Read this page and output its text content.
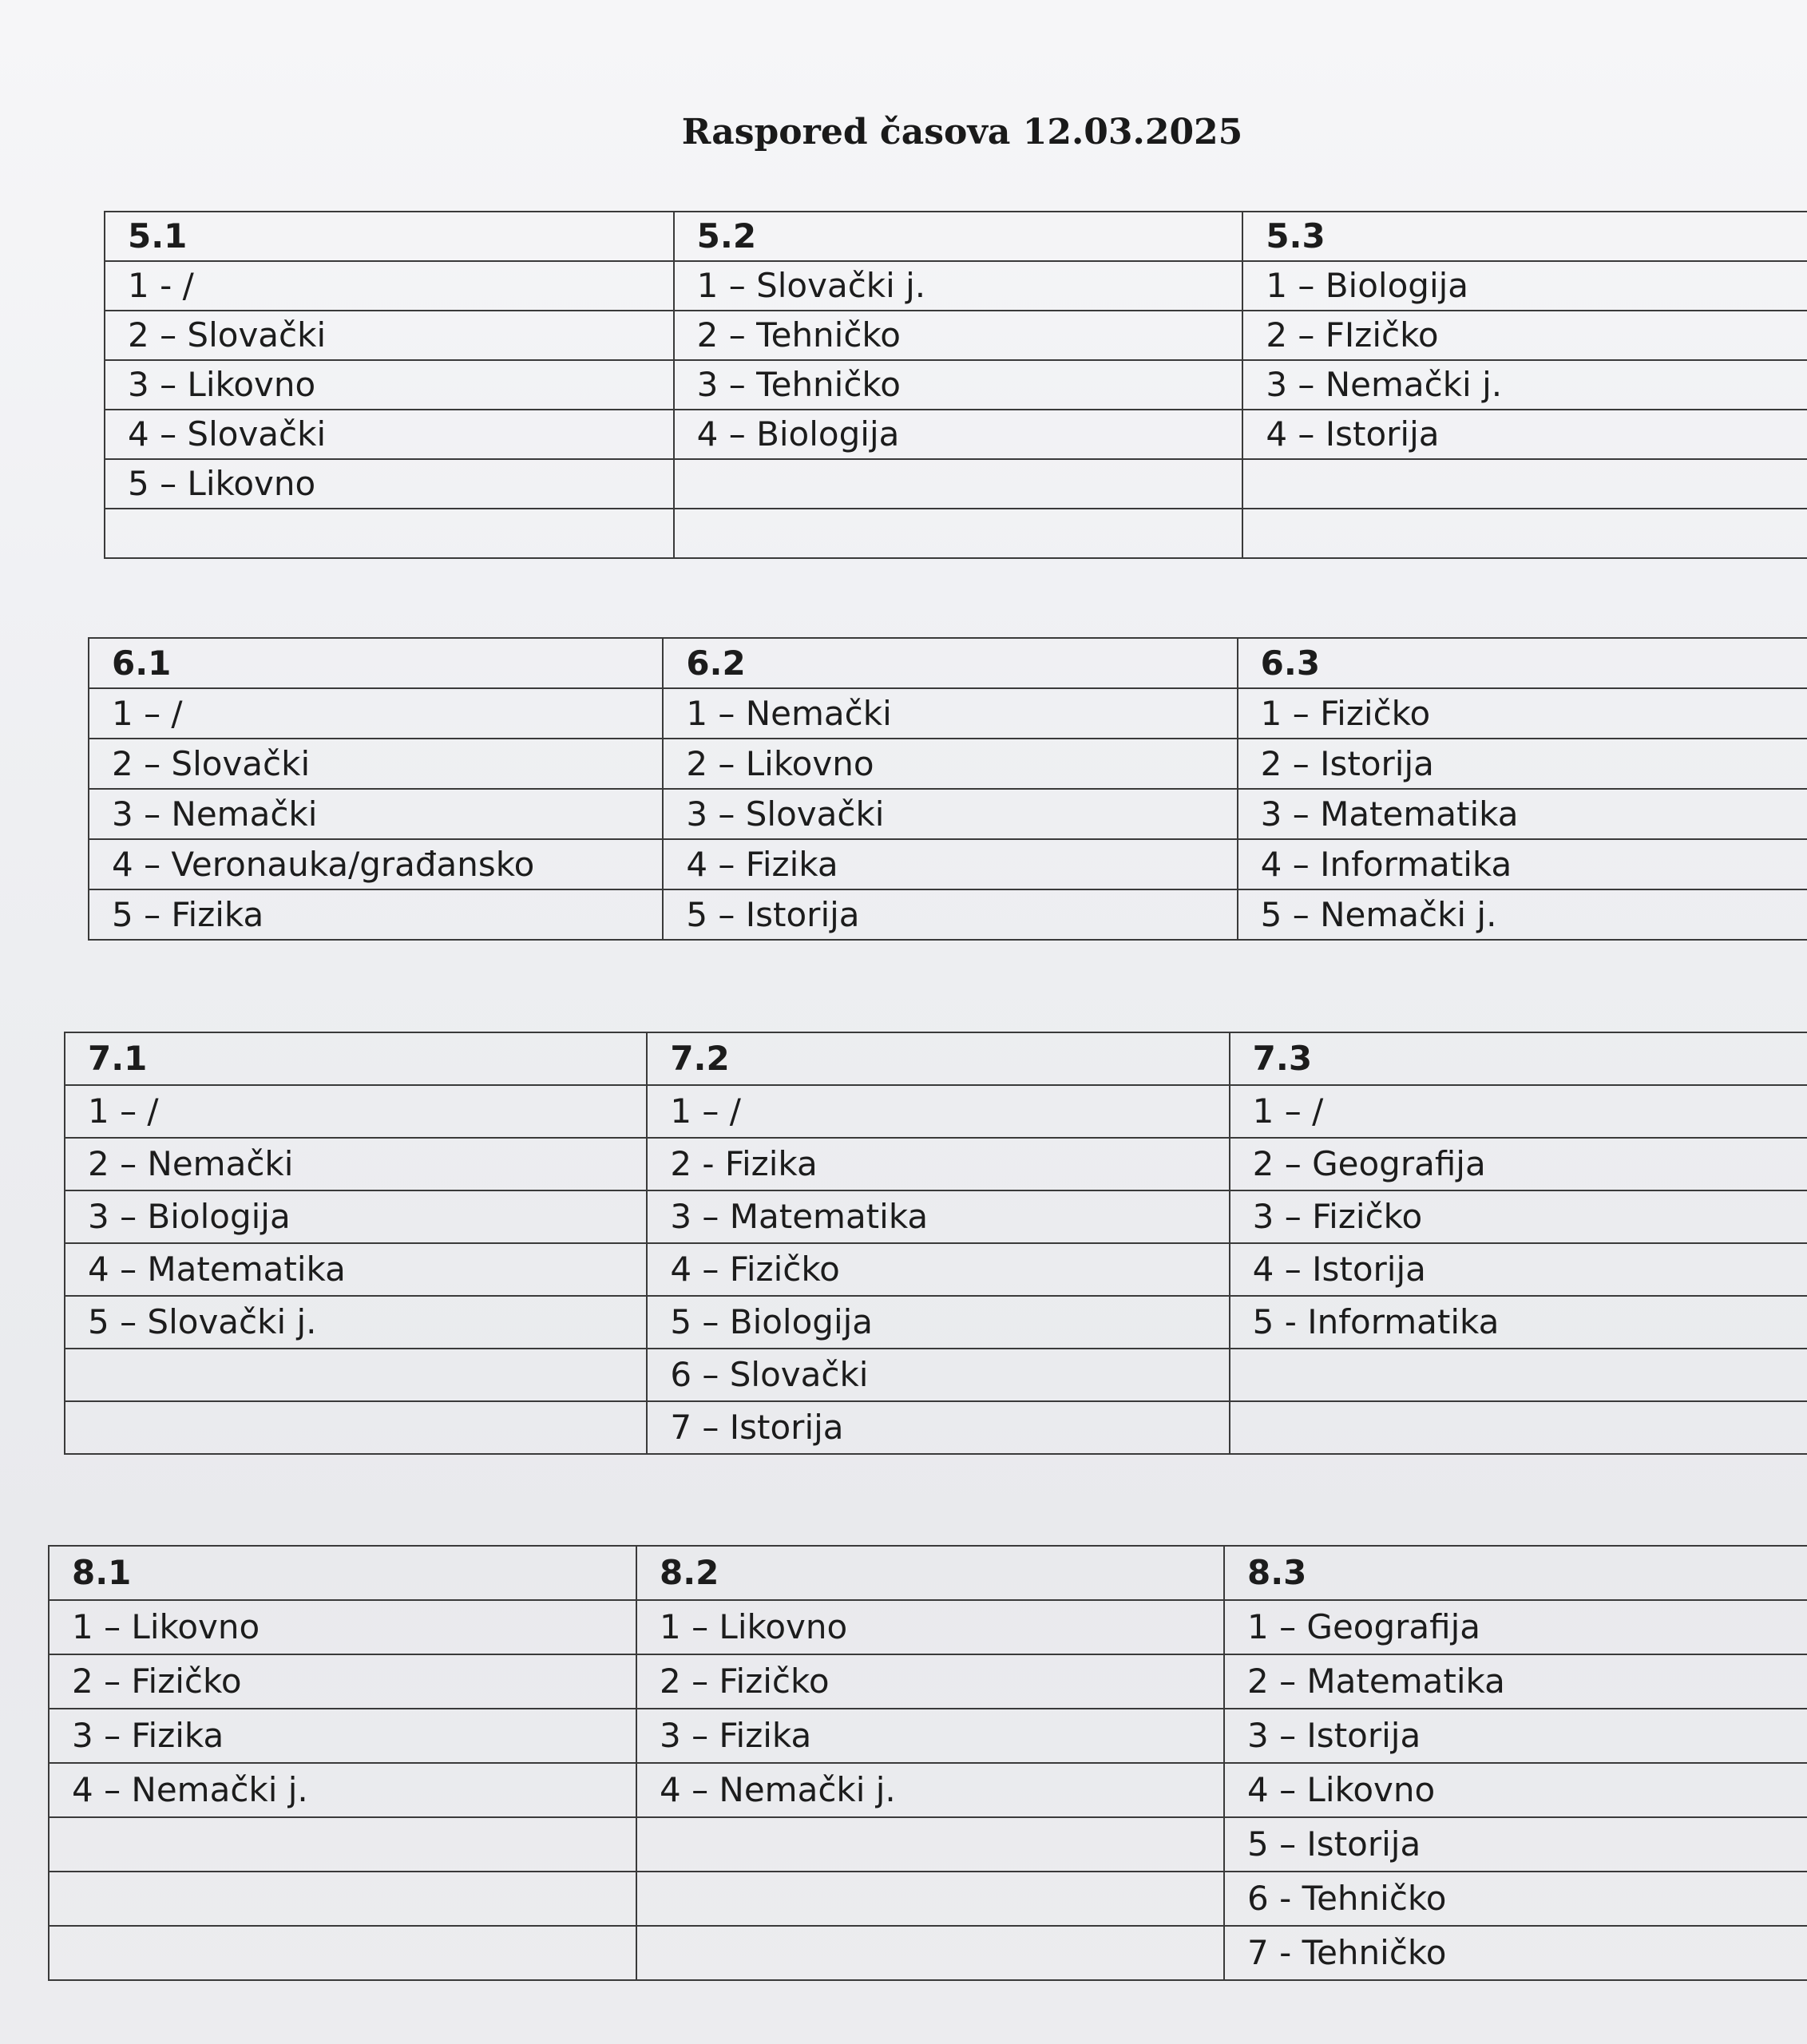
Raspored časova 12.03.2025
5.1	5.2	5.3
1 - /	1 – Slovački j.	1 – Biologija
2 – Slovački	2 – Tehničko	2 – FIzičko
3 – Likovno	3 – Tehničko	3 – Nemački j.
4 – Slovački	4 – Biologija	4 – Istorija
5 – Likovno		

6.1	6.2	6.3
1 – /	1 – Nemački	1 – Fizičko
2 – Slovački	2 – Likovno	2 – Istorija
3 – Nemački	3 – Slovački	3 – Matematika
4 – Veronauka/građansko	4 – Fizika	4 – Informatika
5 – Fizika	5 – Istorija	5 – Nemački j.
7.1	7.2	7.3
1 – /	1 – /	1 – /
2 – Nemački	2 - Fizika	2 – Geografija
3 – Biologija	3 – Matematika	3 – Fizičko
4 – Matematika	4 – Fizičko	4 – Istorija
5 – Slovački j.	5 – Biologija	5 - Informatika
	6 – Slovački	
	7 – Istorija	
8.1	8.2	8.3
1 – Likovno	1 – Likovno	1 – Geografija
2 – Fizičko	2 – Fizičko	2 – Matematika
3 – Fizika	3 – Fizika	3 – Istorija
4 – Nemački j.	4 – Nemački j.	4 – Likovno
		5 – Istorija
		6 - Tehničko
		7 - Tehničko
